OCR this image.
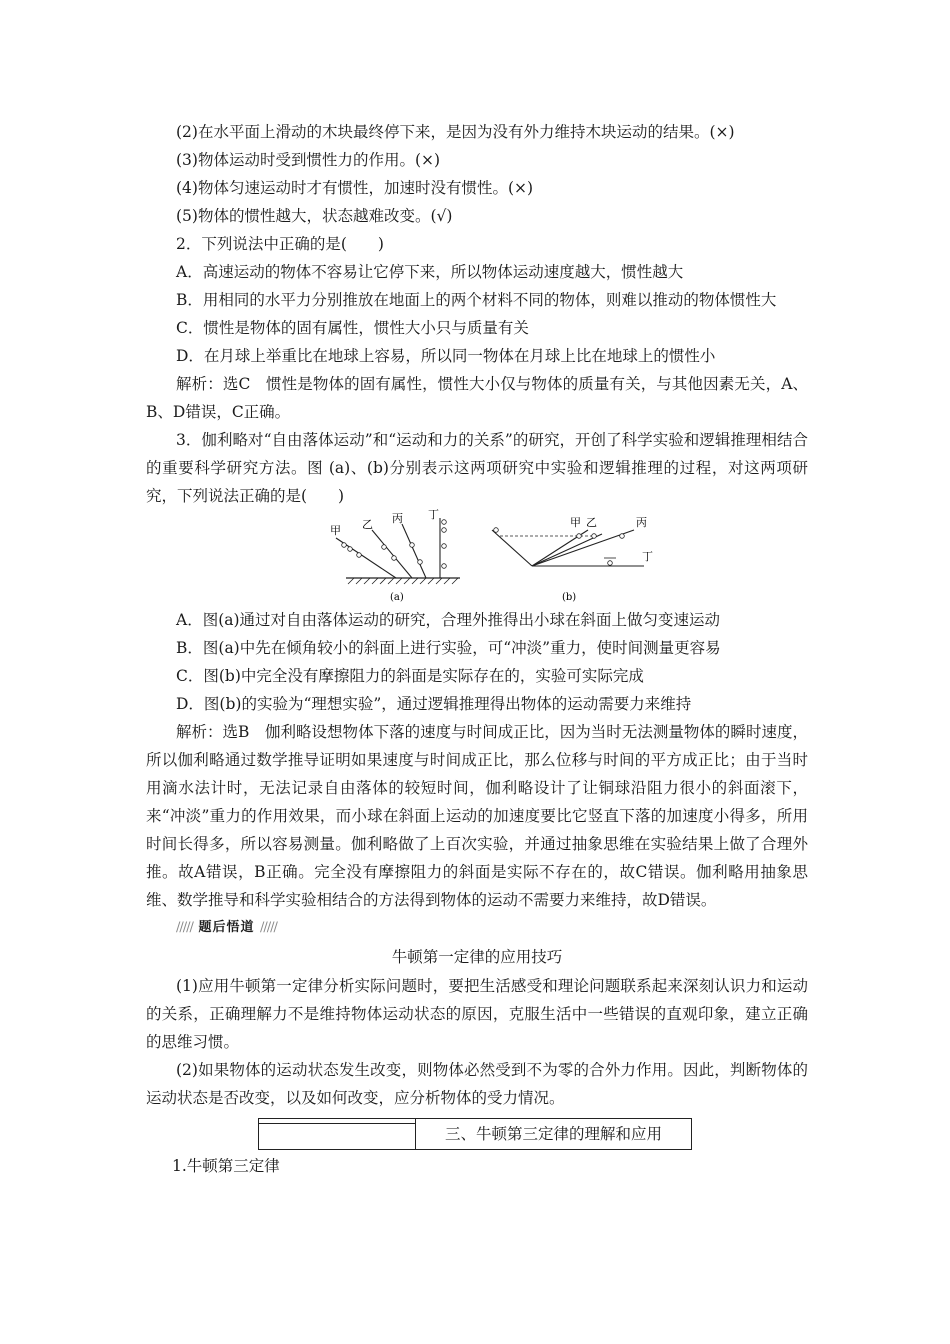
(2)在水平面上滑动的木块最终停下来，是因为没有外力维持木块运动的结果。(×)
(3)物体运动时受到惯性力的作用。(×)
(4)物体匀速运动时才有惯性，加速时没有惯性。(×)
(5)物体的惯性越大，状态越难改变。(√)
2．下列说法中正确的是(　　)
A．高速运动的物体不容易让它停下来，所以物体运动速度越大，惯性越大
B．用相同的水平力分别推放在地面上的两个材料不同的物体，则难以推动的物体惯性大
C．惯性是物体的固有属性，惯性大小只与质量有关
D．在月球上举重比在地球上容易，所以同一物体在月球上比在地球上的惯性小
解析：选C　惯性是物体的固有属性，惯性大小仅与物体的质量有关，与其他因素无关，A、B、D错误，C正确。
3．伽利略对“自由落体运动”和“运动和力的关系”的研究，开创了科学实验和逻辑推理相结合的重要科学研究方法。图 (a)、(b)分别表示这两项研究中实验和逻辑推理的过程，对这两项研究，下列说法正确的是(　　)
甲 乙 丙 丁
(a)
甲 乙	丙
丁
(b)
A．图(a)通过对自由落体运动的研究，合理外推得出小球在斜面上做匀变速运动
B．图(a)中先在倾角较小的斜面上进行实验，可“冲淡”重力，使时间测量更容易
C．图(b)中完全没有摩擦阻力的斜面是实际存在的，实验可实际完成
D．图(b)的实验为“理想实验”，通过逻辑推理得出物体的运动需要力来维持
解析：选B　伽利略设想物体下落的速度与时间成正比，因为当时无法测量物体的瞬时速度，所以伽利略通过数学推导证明如果速度与时间成正比，那么位移与时间的平方成正比；由于当时用滴水法计时，无法记录自由落体的较短时间，伽利略设计了让铜球沿阻力很小的斜面滚下，来“冲淡”重力的作用效果，而小球在斜面上运动的加速度要比它竖直下落的加速度小得多，所用时间长得多，所以容易测量。伽利略做了上百次实验，并通过抽象思维在实验结果上做了合理外推。故A错误，B正确。完全没有摩擦阻力的斜面是实际不存在的，故C错误。伽利略用抽象思维、数学推导和科学实验相结合的方法得到物体的运动不需要力来维持，故D错误。
///// 题后悟道 /////
牛顿第一定律的应用技巧
(1)应用牛顿第一定律分析实际问题时，要把生活感受和理论问题联系起来深刻认识力和运动的关系，正确理解力不是维持物体运动状态的原因，克服生活中一些错误的直观印象，建立正确的思维习惯。
(2)如果物体的运动状态发生改变，则物体必然受到不为零的合外力作用。因此，判断物体的运动状态是否改变，以及如何改变，应分析物体的受力情况。
三、牛顿第三定律的理解和应用
1.牛顿第三定律
